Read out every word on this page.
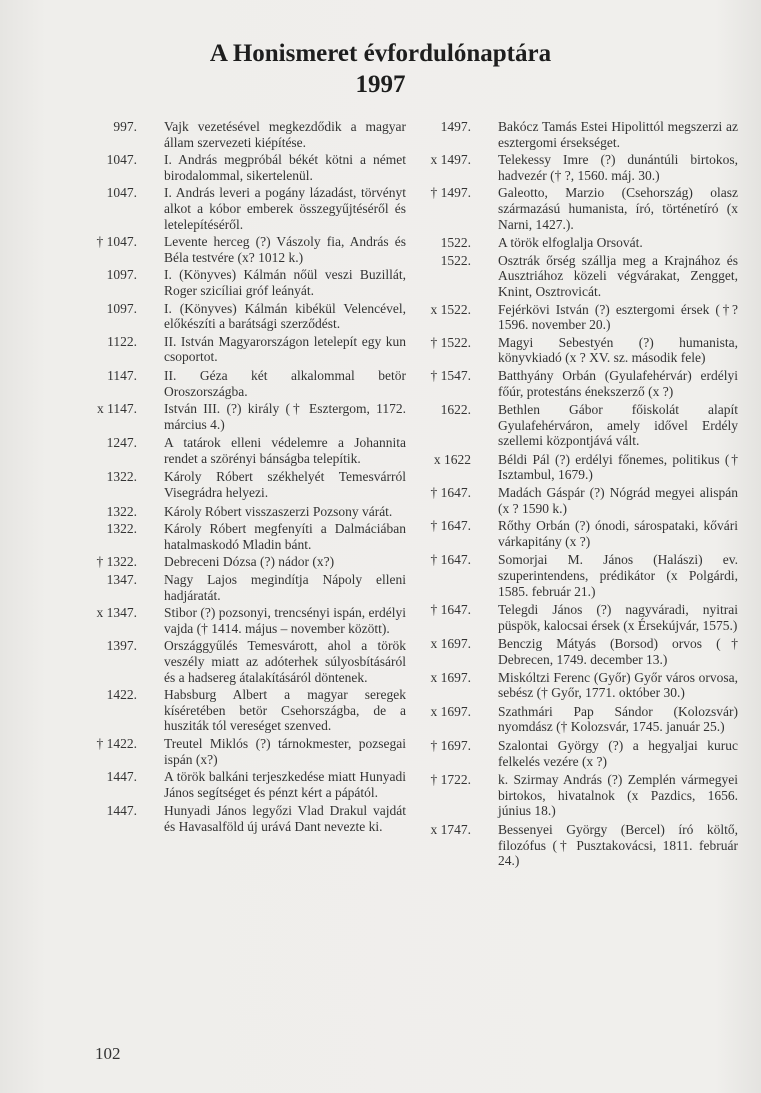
A Honismeret évfordulónaptára
1997
997. Vajk vezetésével megkezdődik a magyar állam szervezeti kiépítése.
1047. I. András megpróbál békét kötni a német birodalommal, sikertelenül.
1047. I. András leveri a pogány lázadást, törvényt alkot a kóbor emberek összegyűjtéséről és letelepítéséről.
† 1047. Levente herceg (?) Vászoly fia, András és Béla testvére (x? 1012 k.)
1097. I. (Könyves) Kálmán nőül veszi Buzillát, Roger szicíliai gróf leányát.
1097. I. (Könyves) Kálmán kibékül Velencével, előkészíti a barátsági szerződést.
1122. II. István Magyarországon letelepít egy kun csoportot.
1147. II. Géza két alkalommal betör Oroszországba.
x 1147. István III. (?) király († Esztergom, 1172. március 4.)
1247. A tatárok elleni védelemre a Johannita rendet a szörényi bánságba telepítik.
1322. Károly Róbert székhelyét Temesvárról Visegrádra helyezi.
1322. Károly Róbert visszaszerzi Pozsony várát.
1322. Károly Róbert megfenyíti a Dalmáciában hatalmaskodó Mladin bánt.
† 1322. Debreceni Dózsa (?) nádor (x?)
1347. Nagy Lajos megindítja Nápoly elleni hadjáratát.
x 1347. Stibor (?) pozsonyi, trencsényi ispán, erdélyi vajda († 1414. május – november között).
1397. Országgyűlés Temesvárott, ahol a török veszély miatt az adóterhek súlyosbításáról és a hadsereg átalakításáról döntenek.
1422. Habsburg Albert a magyar seregek kíséretében betör Csehországba, de a husziták tól vereséget szenved.
† 1422. Treutel Miklós (?) tárnokmester, pozsegai ispán (x?)
1447. A török balkáni terjeszkedése miatt Hunyadi János segítséget és pénzt kért a pápától.
1447. Hunyadi János legyőzi Vlad Drakul vajdát és Havasalföld új urává Dant nevezte ki.
1497. Bakócz Tamás Estei Hipolittól megszerzi az esztergomi érsekséget.
x 1497. Telekessy Imre (?) dunántúli birtokos, hadvezér († ?, 1560. máj. 30.)
† 1497. Galeotto, Marzio (Csehország) olasz származású humanista, író, történetíró (x Narni, 1427.).
1522. A török elfoglalja Orsovát.
1522. Osztrák őrség szállja meg a Krajnához és Ausztriához közeli végvárakat, Zengget, Knint, Osztrovicát.
x 1522. Fejérkövi István (?) esztergomi érsek (†? 1596. november 20.)
† 1522. Magyi Sebestyén (?) humanista, könyvkiadó (x ? XV. sz. második fele)
† 1547. Batthyány Orbán (Gyulafehérvár) erdélyi főúr, protestáns énekszerző (x ?)
1622. Bethlen Gábor főiskolát alapít Gyulafehérváron, amely idővel Erdély szellemi központjává vált.
x 1622 Béldi Pál (?) erdélyi főnemes, politikus († Isztambul, 1679.)
† 1647. Madách Gáspár (?) Nógrád megyei alispán (x ? 1590 k.)
† 1647. Rőthy Orbán (?) ónodi, sárospataki, kővári várkapitány (x ?)
† 1647. Somorjai M. János (Halászi) ev. szuperintendens, prédikátor (x Polgárdi, 1585. február 21.)
† 1647. Telegdi János (?) nagyváradi, nyitrai püspök, kalocsai érsek (x Érsekújvár, 1575.)
x 1697. Benczig Mátyás (Borsod) orvos († Debrecen, 1749. december 13.)
x 1697. Miskóltzi Ferenc (Győr) Győr város orvosa, sebész († Győr, 1771. október 30.)
x 1697. Szathmári Pap Sándor (Kolozsvár) nyomdász († Kolozsvár, 1745. január 25.)
† 1697. Szalontai György (?) a hegyaljai kuruc felkelés vezére (x ?)
† 1722. k. Szirmay András (?) Zemplén vármegyei birtokos, hivatalnok (x Pazdics, 1656. június 18.)
x 1747. Bessenyei György (Bercel) író költő, filozófus († Pusztakovácsi, 1811. február 24.)
102
